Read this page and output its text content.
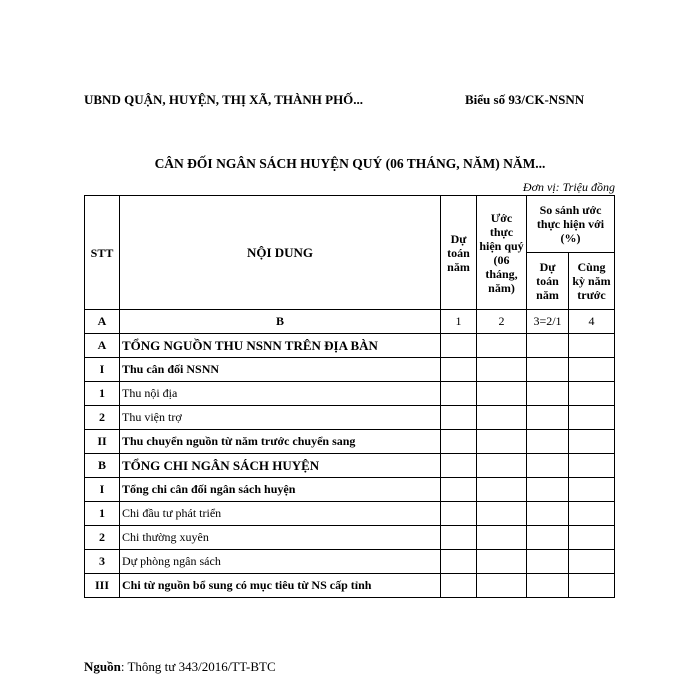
UBND QUẬN, HUYỆN, THỊ XÃ, THÀNH PHỐ...	Biểu số 93/CK-NSNN
CÂN ĐỐI NGÂN SÁCH HUYỆN QUÝ (06 THÁNG, NĂM) NĂM...
Đơn vị: Triệu đồng
STT	NỘI DUNG	Dự toán năm	Ước thực hiện quý (06 tháng, năm)	So sánh ước thực hiện với (%)	
				Dự toán năm	Cùng kỳ năm trước
A	B	1	2	3=2/1	4
A	TỔNG NGUỒN THU NSNN TRÊN ĐỊA BÀN				
I	Thu cân đối NSNN				
1	Thu nội địa				
2	Thu viện trợ				
II	Thu chuyển nguồn từ năm trước chuyển sang				
B	TỔNG CHI NGÂN SÁCH HUYỆN				
I	Tổng chi cân đối ngân sách huyện				
1	Chi đầu tư phát triển				
2	Chi thường xuyên				
3	Dự phòng ngân sách				
III	Chi từ nguồn bổ sung có mục tiêu từ NS cấp tỉnh				
Nguồn: Thông tư 343/2016/TT-BTC
